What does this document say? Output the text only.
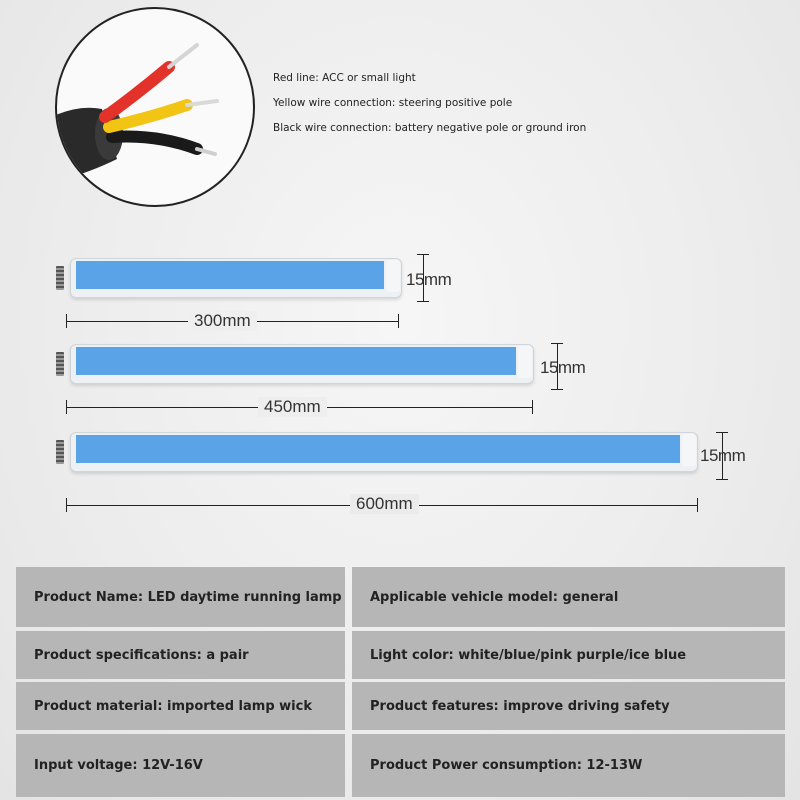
Red line: ACC or small light
Yellow wire connection: steering positive pole
Black wire connection: battery negative pole or ground iron
15mm
300mm
15mm
450mm
15mm
600mm
Product Name: LED daytime running lamp	Applicable vehicle model: general
Product specifications: a pair	Light color: white/blue/pink purple/ice blue
Product material: imported lamp wick	Product features: improve driving safety
Input voltage: 12V-16V	Product Power consumption: 12-13W
